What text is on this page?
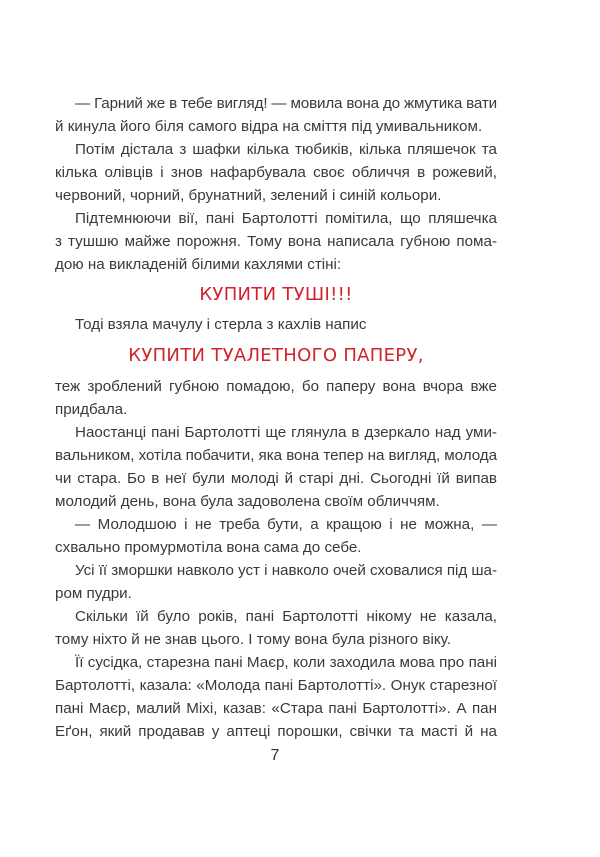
— Гарний же в тебе вигляд! — мовила вона до жмутика вати
й кинула його біля самого відра на сміття під умивальником.
Потім дістала з шафки кілька тюбиків, кілька пляшечок та
кілька олівців і знов нафарбувала своє обличчя в рожевий,
червоний, чорний, брунатний, зелений і синій кольори.
Підтемнюючи вії, пані Бартолотті помітила, що пляшечка
з тушшю майже порожня. Тому вона написала губною пома-
дою на викладеній білими кахлями стіні:
КУПИТИ ТУШІ!!!
Тоді взяла мачулу і стерла з кахлів напис
КУПИТИ ТУАЛЕТНОГО ПАПЕРУ,
теж зроблений губною помадою, бо паперу вона вчора вже
придбала.
Наостанці пані Бартолотті ще глянула в дзеркало над уми-
вальником, хотіла побачити, яка вона тепер на вигляд, молода
чи стара. Бо в неї були молоді й старі дні. Сьогодні їй випав
молодий день, вона була задоволена своїм обличчям.
— Молодшою і не треба бути, а кращою і не можна, —
схвально промурмотіла вона сама до себе.
Усі її зморшки навколо уст і навколо очей сховалися під ша-
ром пудри.
Скільки їй було років, пані Бартолотті нікому не казала,
тому ніхто й не знав цього. І тому вона була різного віку.
Її сусідка, старезна пані Маєр, коли заходила мова про пані
Бартолотті, казала: «Молода пані Бартолотті». Онук старезної
пані Маєр, малий Міхі, казав: «Стара пані Бартолотті». А пан
Еґон, який продавав у аптеці порошки, свічки та масті й на
7
